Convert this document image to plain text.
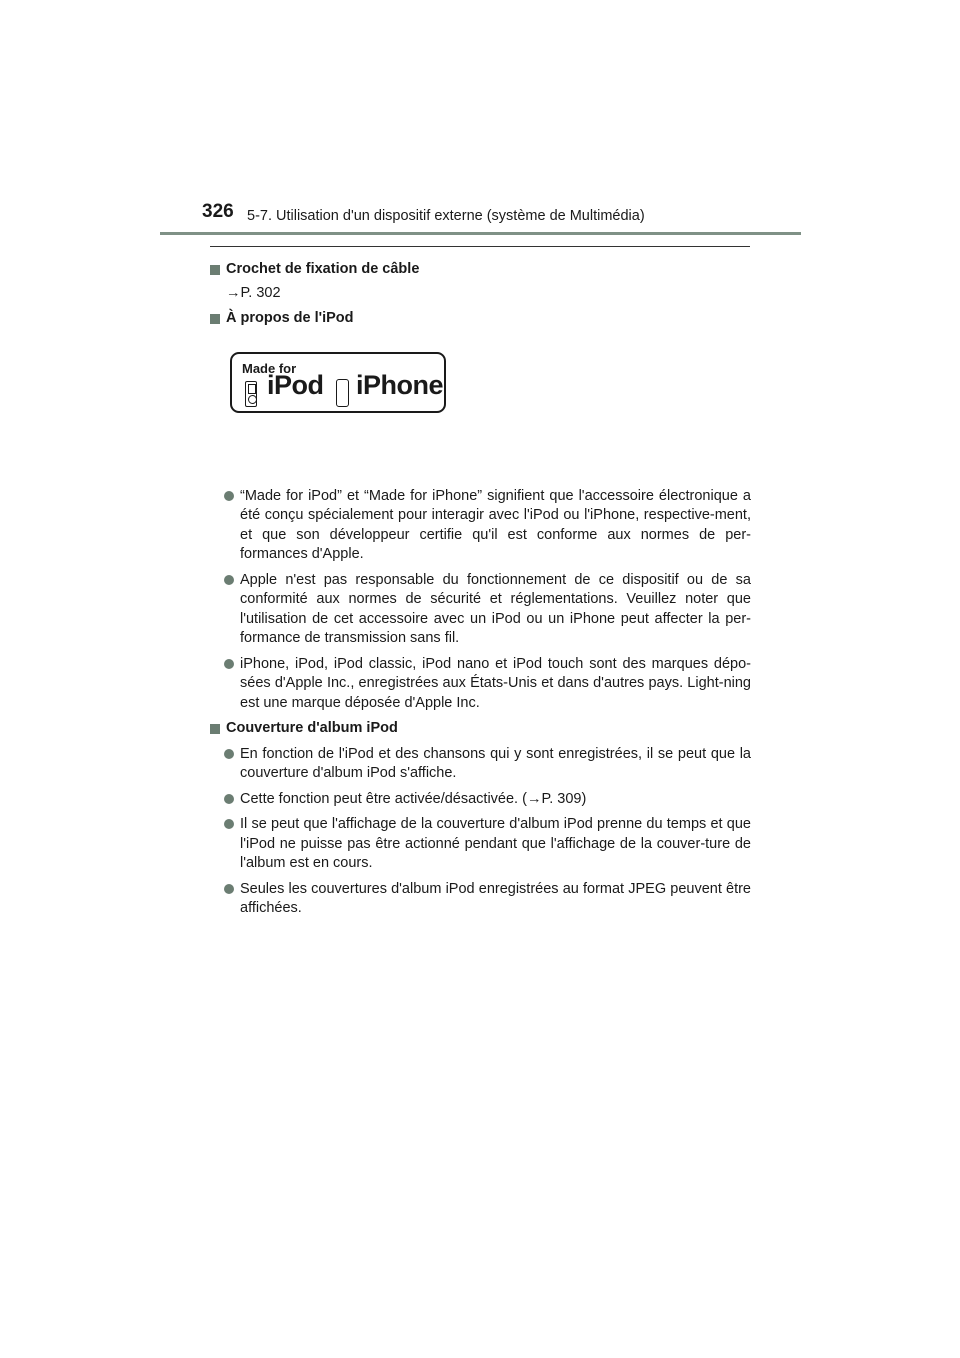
326 5-7. Utilisation d'un dispositif externe (système de Multimédia)
Crochet de fixation de câble
→P. 302
À propos de l'iPod
Made for
iPod iPhone
“Made for iPod” et “Made for iPhone” signifient que l'accessoire électronique a été conçu spécialement pour interagir avec l'iPod ou l'iPhone, respective-ment, et que son développeur certifie qu'il est conforme aux normes de per-formances d'Apple.
Apple n'est pas responsable du fonctionnement de ce dispositif ou de sa conformité aux normes de sécurité et réglementations. Veuillez noter que l'utilisation de cet accessoire avec un iPod ou un iPhone peut affecter la per-formance de transmission sans fil.
iPhone, iPod, iPod classic, iPod nano et iPod touch sont des marques dépo-sées d'Apple Inc., enregistrées aux États-Unis et dans d'autres pays. Light-ning est une marque déposée d'Apple Inc.
Couverture d'album iPod
En fonction de l'iPod et des chansons qui y sont enregistrées, il se peut que la couverture d'album iPod s'affiche.
Cette fonction peut être activée/désactivée. (→P. 309)
Il se peut que l'affichage de la couverture d'album iPod prenne du temps et que l'iPod ne puisse pas être actionné pendant que l'affichage de la couver-ture de l'album est en cours.
Seules les couvertures d'album iPod enregistrées au format JPEG peuvent être affichées.
